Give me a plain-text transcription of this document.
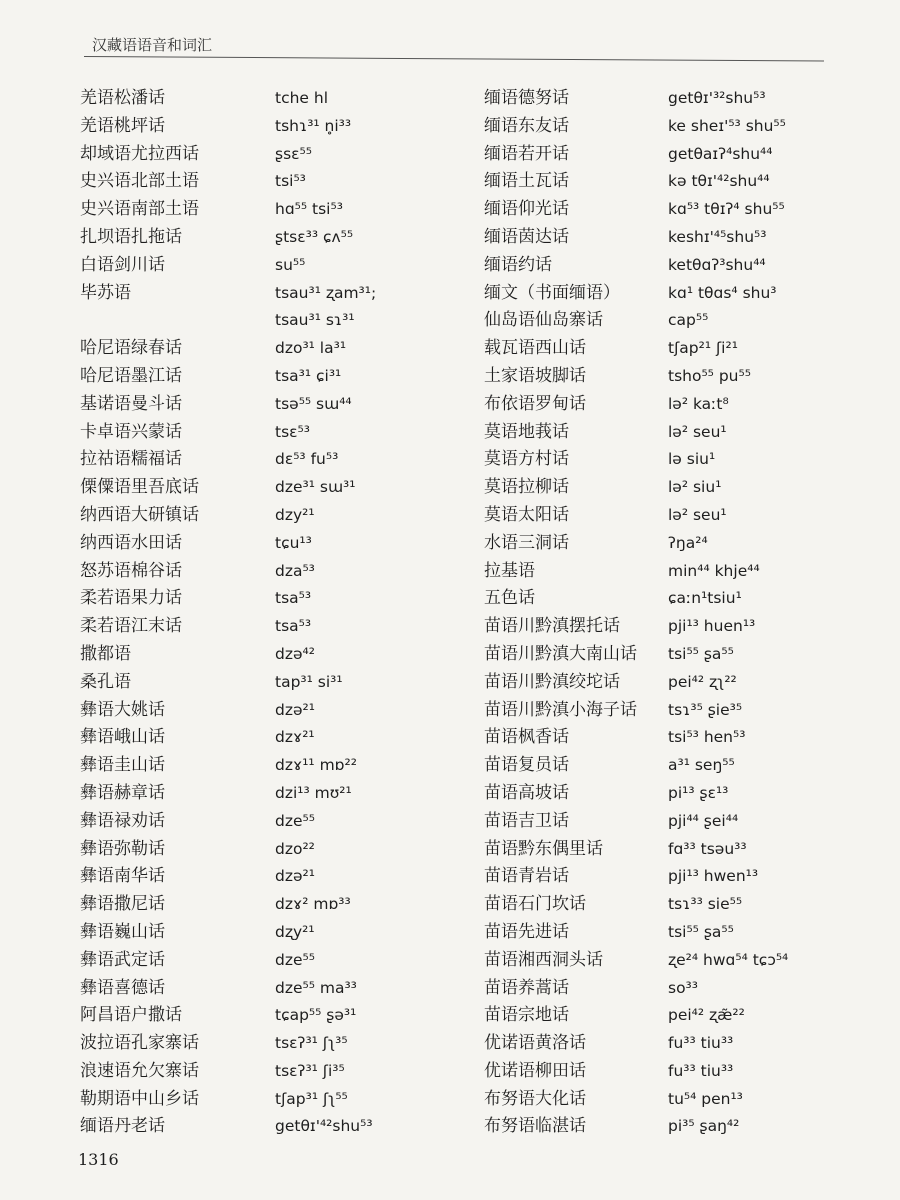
汉藏语语音和词汇
羌语松潘话	tche hl
羌语桃坪话	tshɿ³¹ n̥i³³
却域语尤拉西话	ʂsɛ⁵⁵
史兴语北部土语	tsi⁵³
史兴语南部土语	hɑ⁵⁵ tsi⁵³
扎坝语扎拖话	ʂtsɛ³³ ɕʌ⁵⁵
白语剑川话	su⁵⁵
毕苏语	tsau³¹ ʐam³¹;
tsau³¹ sɿ³¹
哈尼语绿春话	dzo³¹ la³¹
哈尼语墨江话	tsa³¹ ɕi³¹
基诺语曼斗话	tsə⁵⁵ sɯ⁴⁴
卡卓语兴蒙话	tsɛ⁵³
拉祜语糯福话	dɛ⁵³ fu⁵³
傈僳语里吾底话	dze³¹ sɯ³¹
纳西语大研镇话	dzy²¹
纳西语水田话	tɕu¹³
怒苏语棉谷话	dza⁵³
柔若语果力话	tsa⁵³
柔若语江末话	tsa⁵³
撒都语	dzə⁴²
桑孔语	tap³¹ si³¹
彝语大姚话	dzə²¹
彝语峨山话	dzɤ²¹
彝语圭山话	dzɤ¹¹ mɒ²²
彝语赫章话	dzi¹³ mʊ²¹
彝语禄劝话	dze⁵⁵
彝语弥勒话	dzo²²
彝语南华话	dzə²¹
彝语撒尼话	dzɤ² mɒ³³
彝语巍山话	dʐy²¹
彝语武定话	dze⁵⁵
彝语喜德话	dze⁵⁵ ma³³
阿昌语户撒话	tɕap⁵⁵ ʂə³¹
波拉语孔家寨话	tsɛʔ³¹ ʃʅ³⁵
浪速语允欠寨话	tsɛʔ³¹ ʃi³⁵
勒期语中山乡话	tʃap³¹ ʃʅ⁵⁵
缅语丹老话	getθɪ'⁴²shu⁵³
缅语德努话	getθɪ'³²shu⁵³
缅语东友话	ke sheɪ'⁵³ shu⁵⁵
缅语若开话	getθaɪʔ⁴shu⁴⁴
缅语土瓦话	kə tθɪ'⁴²shu⁴⁴
缅语仰光话	kɑ⁵³ tθɪʔ⁴ shu⁵⁵
缅语茵达话	keshɪ'⁴⁵shu⁵³
缅语约话	ketθɑʔ³shu⁴⁴
缅文（书面缅语）	kɑ¹ tθɑs⁴ shu³
仙岛语仙岛寨话	cap⁵⁵
载瓦语西山话	tʃap²¹ ʃi²¹
土家语坡脚话	tsho⁵⁵ pu⁵⁵
布依语罗甸话	lə² kaːt⁸
莫语地莪话	lə² seu¹
莫语方村话	lə siu¹
莫语拉柳话	lə² siu¹
莫语太阳话	lə² seu¹
水语三洞话	ʔŋa²⁴
拉基语	min⁴⁴ khje⁴⁴
五色话	ɕaːn¹tsiu¹
苗语川黔滇摆托话	pji¹³ huen¹³
苗语川黔滇大南山话 tsi⁵⁵ ʂa⁵⁵
苗语川黔滇绞坨话	pei⁴² ʐʅ²²
苗语川黔滇小海子话 tsɿ³⁵ ʂie³⁵
苗语枫香话	tsi⁵³ hen⁵³
苗语复员话	a³¹ seŋ⁵⁵
苗语高坡话	pi¹³ ʂɛ¹³
苗语吉卫话	pji⁴⁴ ʂei⁴⁴
苗语黔东偶里话	fɑ³³ tsəu³³
苗语青岩话	pji¹³ hwen¹³
苗语石门坎话	tsɿ³³ sie⁵⁵
苗语先进话	tsi⁵⁵ ʂa⁵⁵
苗语湘西洞头话	ʐe²⁴ hwɑ⁵⁴ tɕɔ⁵⁴
苗语养蒿话	so³³
苗语宗地话	pei⁴² ʐæ̃²²
优诺语黄洛话	fu³³ tiu³³
优诺语柳田话	fu³³ tiu³³
布努语大化话	tu⁵⁴ pen¹³
布努语临湛话	pi³⁵ ʂaŋ⁴²
1316
